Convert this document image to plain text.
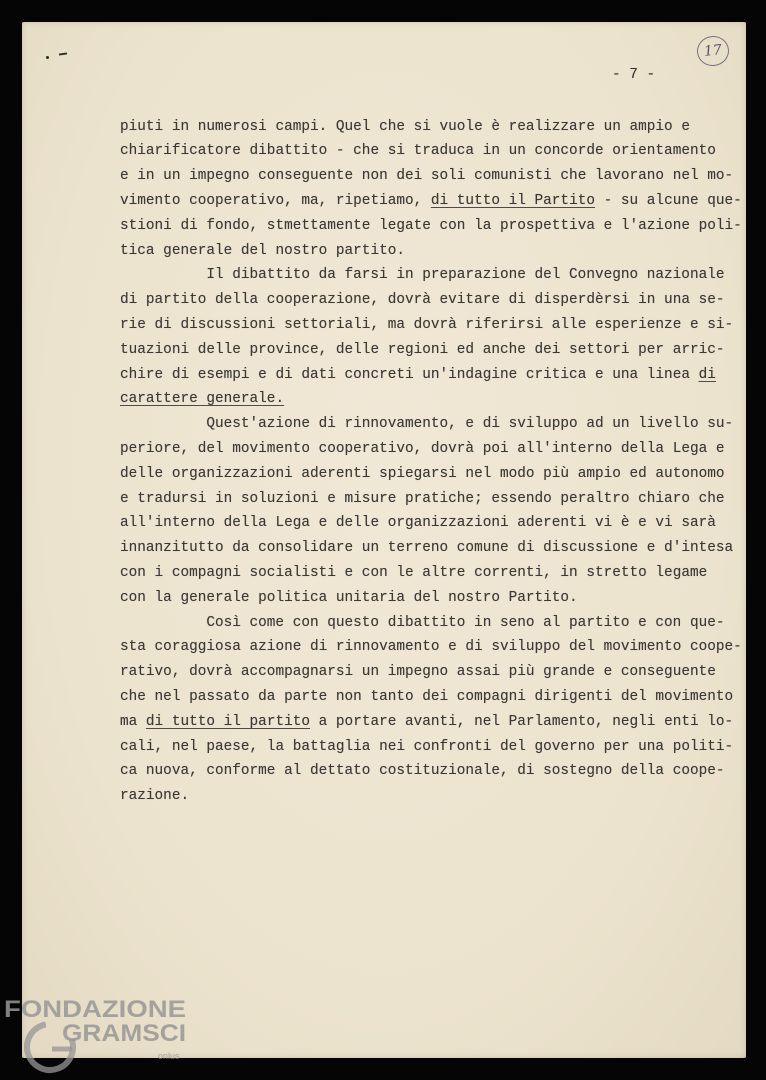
17
- 7 -
piuti in numerosi campi. Quel che si vuole è realizzare un ampio e
chiarificatore dibattito - che si traduca in un concorde orientamento
e in un impegno conseguente non dei soli comunisti che lavorano nel mo-
vimento cooperativo, ma, ripetiamo, di tutto il Partito - su alcune que-
stioni di fondo, stmettamente legate con la prospettiva e l'azione poli-
tica generale del nostro partito.
Il dibattito da farsi in preparazione del Convegno nazionale
di partito della cooperazione, dovrà evitare di disperdèrsi in una se-
rie di discussioni settoriali, ma dovrà riferirsi alle esperienze e si-
tuazioni delle province, delle regioni ed anche dei settori per arric-
chire di esempi e di dati concreti un'indagine critica e una linea di
carattere generale.
Quest'azione di rinnovamento, e di sviluppo ad un livello su-
periore, del movimento cooperativo, dovrà poi all'interno della Lega e
delle organizzazioni aderenti spiegarsi nel modo più ampio ed autonomo
e tradursi in soluzioni e misure pratiche; essendo peraltro chiaro che
all'interno della Lega e delle organizzazioni aderenti vi è e vi sarà
innanzitutto da consolidare un terreno comune di discussione e d'intesa
con i compagni socialisti e con le altre correnti, in stretto legame
con la generale politica unitaria del nostro Partito.
Così come con questo dibattito in seno al partito e con que-
sta coraggiosa azione di rinnovamento e di sviluppo del movimento coope-
rativo, dovrà accompagnarsi un impegno assai più grande e conseguente
che nel passato da parte non tanto dei compagni dirigenti del movimento
ma di tutto il partito a portare avanti, nel Parlamento, negli enti lo-
cali, nel paese, la battaglia nei confronti del governo per una politi-
ca nuova, conforme al dettato costituzionale, di sostegno della coope-
razione.
FONDAZIONE
GRAMSCI
onlus
